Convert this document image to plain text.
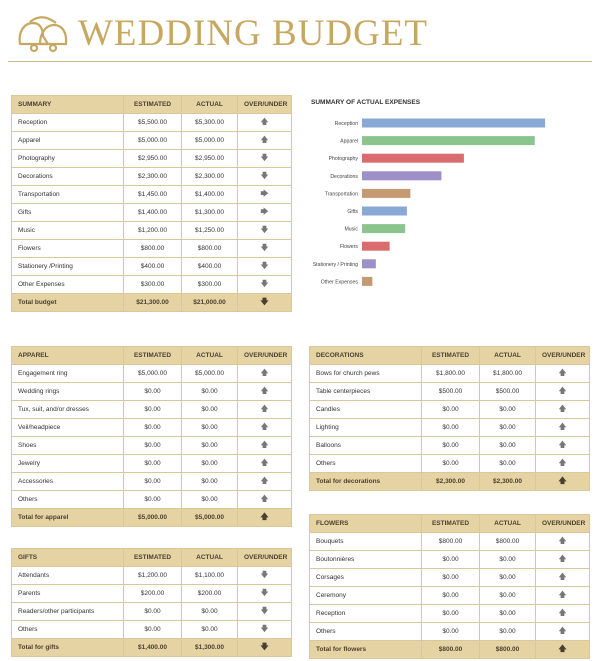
WEDDING BUDGET
SUMMARY OF ACTUAL EXPENSES
Reception
Apparel
Photography
Decorations
Transportation
Gifts
Music
Flowers
Stationery / Printing
Other Expenses
SUMMARY	ESTIMATED	ACTUAL	OVER/UNDER
Reception	$5,500.00	$5,300.00	🡅
Apparel	$5,000.00	$5,000.00	🡅
Photography	$2,950.00	$2,950.00	🡇
Decorations	$2,300.00	$2,300.00	🡇
Transportation	$1,450.00	$1,400.00	🡆
Gifts	$1,400.00	$1,300.00	🡆
Music	$1,200.00	$1,250.00	🡇
Flowers	$800.00	$800.00	🡇
Stationery /Printing	$400.00	$400.00	🡇
Other Expenses	$300.00	$300.00	🡇
Total budget	$21,300.00	$21,000.00	🡇
APPAREL	ESTIMATED	ACTUAL	OVER/UNDER
Engagement ring	$5,000.00	$5,000.00	🡅
Wedding rings	$0.00	$0.00	🡅
Tux, suit, and/or dresses	$0.00	$0.00	🡅
Veil/headpiece	$0.00	$0.00	🡅
Shoes	$0.00	$0.00	🡅
Jewelry	$0.00	$0.00	🡅
Accessories	$0.00	$0.00	🡅
Others	$0.00	$0.00	🡅
Total for apparel	$5,000.00	$5,000.00	🡅
GIFTS	ESTIMATED	ACTUAL	OVER/UNDER
Attendants	$1,200.00	$1,100.00	🡇
Parents	$200.00	$200.00	🡇
Readers/other participants	$0.00	$0.00	🡇
Others	$0.00	$0.00	🡇
Total for gifts	$1,400.00	$1,300.00	🡇
DECORATIONS	ESTIMATED	ACTUAL	OVER/UNDER
Bows for church pews	$1,800.00	$1,800.00	🡅
Table centerpieces	$500.00	$500.00	🡅
Candles	$0.00	$0.00	🡅
Lighting	$0.00	$0.00	🡅
Balloons	$0.00	$0.00	🡅
Others	$0.00	$0.00	🡅
Total for decorations	$2,300.00	$2,300.00	🡅
FLOWERS	ESTIMATED	ACTUAL	OVER/UNDER
Bouquets	$800.00	$800.00	🡅
Boutonnières	$0.00	$0.00	🡅
Corsages	$0.00	$0.00	🡅
Ceremony	$0.00	$0.00	🡅
Reception	$0.00	$0.00	🡅
Others	$0.00	$0.00	🡅
Total for flowers	$800.00	$800.00	🡅
